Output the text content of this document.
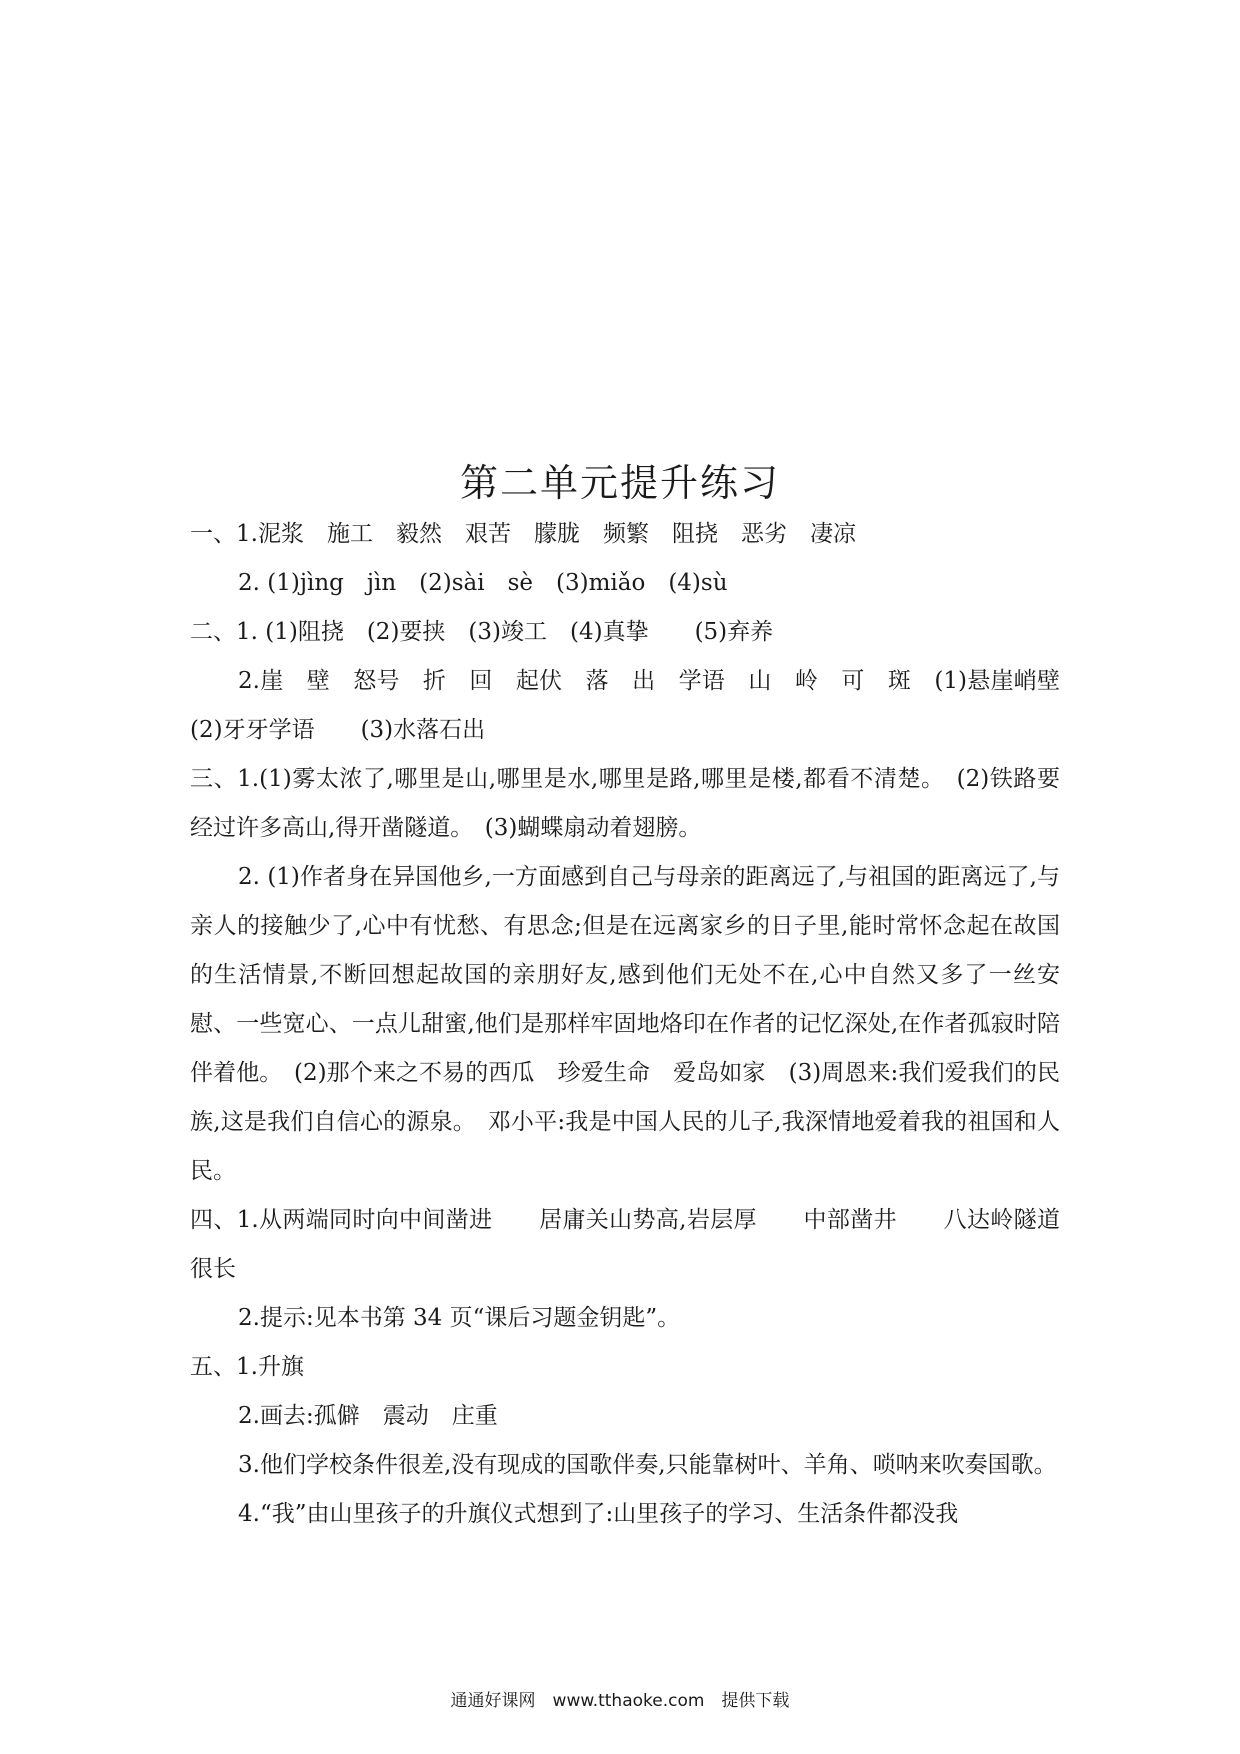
第二单元提升练习

一、1.泥浆　施工　毅然　艰苦　朦胧　频繁　阻挠　恶劣　凄凉

2. (1)jìng　jìn　(2)sài　sè　(3)miǎo　(4)sù

二、1. (1)阻挠　(2)要挟　(3)竣工　(4)真挚　　(5)弃养

2.崖　壁　怒号　折　回　起伏　落　出　学语　山　岭　可　斑　(1)悬崖峭壁　(2)牙牙学语　　(3)水落石出

三、1.(1)雾太浓了,哪里是山,哪里是水,哪里是路,哪里是楼,都看不清楚。　(2)铁路要经过许多高山,得开凿隧道。　(3)蝴蝶扇动着翅膀。

2. (1)作者身在异国他乡,一方面感到自己与母亲的距离远了,与祖国的距离远了,与亲人的接触少了,心中有忧愁、有思念;但是在远离家乡的日子里,能时常怀念起在故国的生活情景,不断回想起故国的亲朋好友,感到他们无处不在,心中自然又多了一丝安慰、一些宽心、一点儿甜蜜,他们是那样牢固地烙印在作者的记忆深处,在作者孤寂时陪伴着他。　(2)那个来之不易的西瓜　珍爱生命　爱岛如家　(3)周恩来:我们爱我们的民族,这是我们自信心的源泉。　邓小平:我是中国人民的儿子,我深情地爱着我的祖国和人民。

四、1.从两端同时向中间凿进　　居庸关山势高,岩层厚　　中部凿井　　八达岭隧道很长

2.提示:见本书第 34 页“课后习题金钥匙”。

五、1.升旗

2.画去:孤僻　震动　庄重

3.他们学校条件很差,没有现成的国歌伴奏,只能靠树叶、羊角、唢呐来吹奏国歌。

4.“我”由山里孩子的升旗仪式想到了:山里孩子的学习、生活条件都没我

通通好课网　www.tthaoke.com　提供下载
